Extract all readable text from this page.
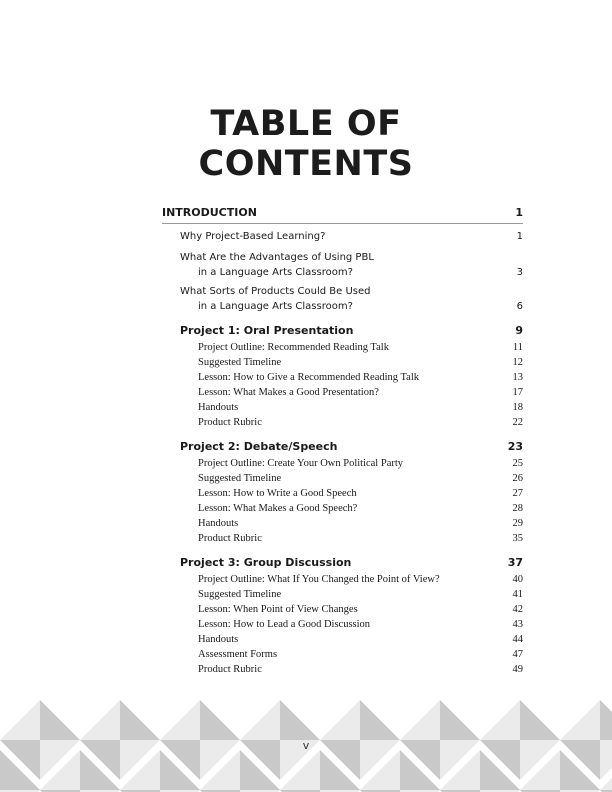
TABLE OF
CONTENTS
INTRODUCTION	1
Why Project-Based Learning?	1
What Are the Advantages of Using PBL
in a Language Arts Classroom?	3
What Sorts of Products Could Be Used
in a Language Arts Classroom?	6
Project 1: Oral Presentation	9
Project Outline: Recommended Reading Talk	11
Suggested Timeline	12
Lesson: How to Give a Recommended Reading Talk	13
Lesson: What Makes a Good Presentation?	17
Handouts	18
Product Rubric	22
Project 2: Debate/Speech	23
Project Outline: Create Your Own Political Party	25
Suggested Timeline	26
Lesson: How to Write a Good Speech	27
Lesson: What Makes a Good Speech?	28
Handouts	29
Product Rubric	35
Project 3: Group Discussion	37
Project Outline: What If You Changed the Point of View?	40
Suggested Timeline	41
Lesson: When Point of View Changes	42
Lesson: How to Lead a Good Discussion	43
Handouts	44
Assessment Forms	47
Product Rubric	49
v
